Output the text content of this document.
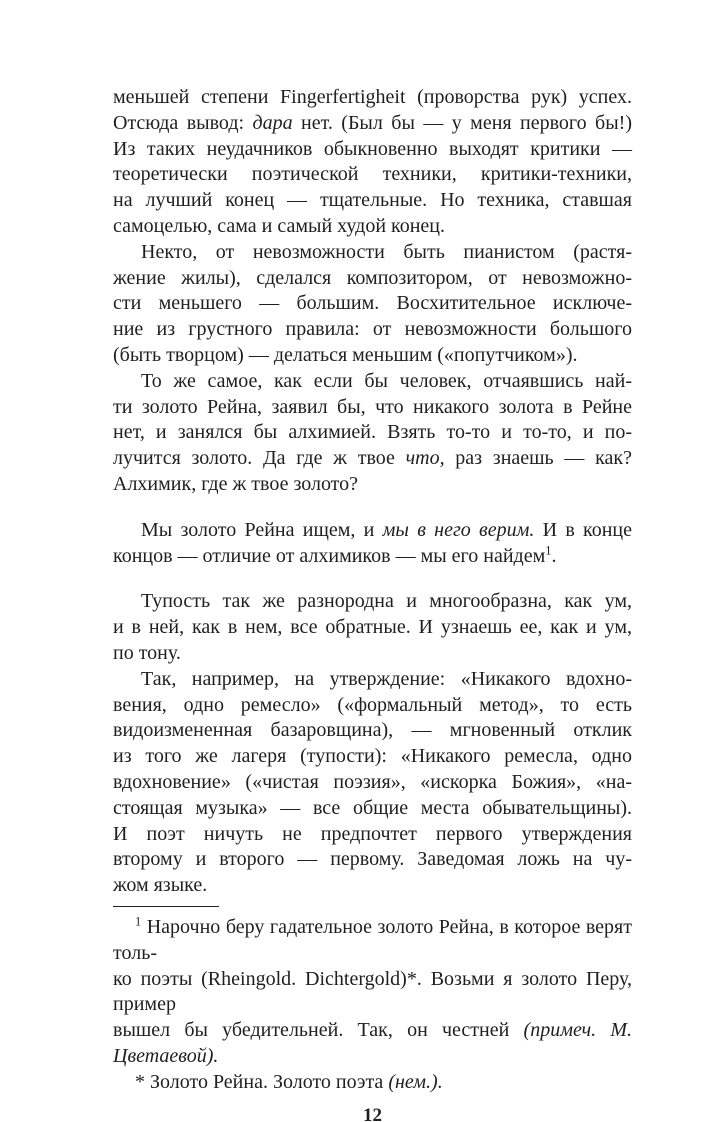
меньшей степени Fingerfertigheit (проворства рук) успех.
Отсюда вывод: дара нет. (Был бы — у меня первого бы!)
Из таких неудачников обыкновенно выходят критики —
теоретически поэтической техники, критики-техники,
на лучший конец — тщательные. Но техника, ставшая
самоцелью, сама и самый худой конец.
Некто, от невозможности быть пианистом (растя-
жение жилы), сделался композитором, от невозможно-
сти меньшего — большим. Восхитительное исключе-
ние из грустного правила: от невозможности большого
(быть творцом) — делаться меньшим («попутчиком»).
То же самое, как если бы человек, отчаявшись най-
ти золото Рейна, заявил бы, что никакого золота в Рейне
нет, и занялся бы алхимией. Взять то-то и то-то, и по-
лучится золото. Да где ж твое что, раз знаешь — как?
Алхимик, где ж твое золото?
Мы золото Рейна ищем, и мы в него верим. И в конце
концов — отличие от алхимиков — мы его найдем$^1$.
Тупость так же разнородна и многообразна, как ум,
и в ней, как в нем, все обратные. И узнаешь ее, как и ум,
по тону.
Так, например, на утверждение: «Никакого вдохно-
вения, одно ремесло» («формальный метод», то есть
видоизмененная базаровщина), — мгновенный отклик
из того же лагеря (тупости): «Никакого ремесла, одно
вдохновение» («чистая поэзия», «искорка Божия», «на-
стоящая музыка» — все общие места обывательщины).
И поэт ничуть не предпочтет первого утверждения
второму и второго — первому. Заведомая ложь на чу-
жом языке.
$^1$ Нарочно беру гадательное золото Рейна, в которое верят толь-
ко поэты (Rheingold. Dichtergold)*. Возьми я золото Перу, пример
вышел бы убедительней. Так, он честней (примеч. М. Цветаевой).
* Золото Рейна. Золото поэта (нем.).
12
